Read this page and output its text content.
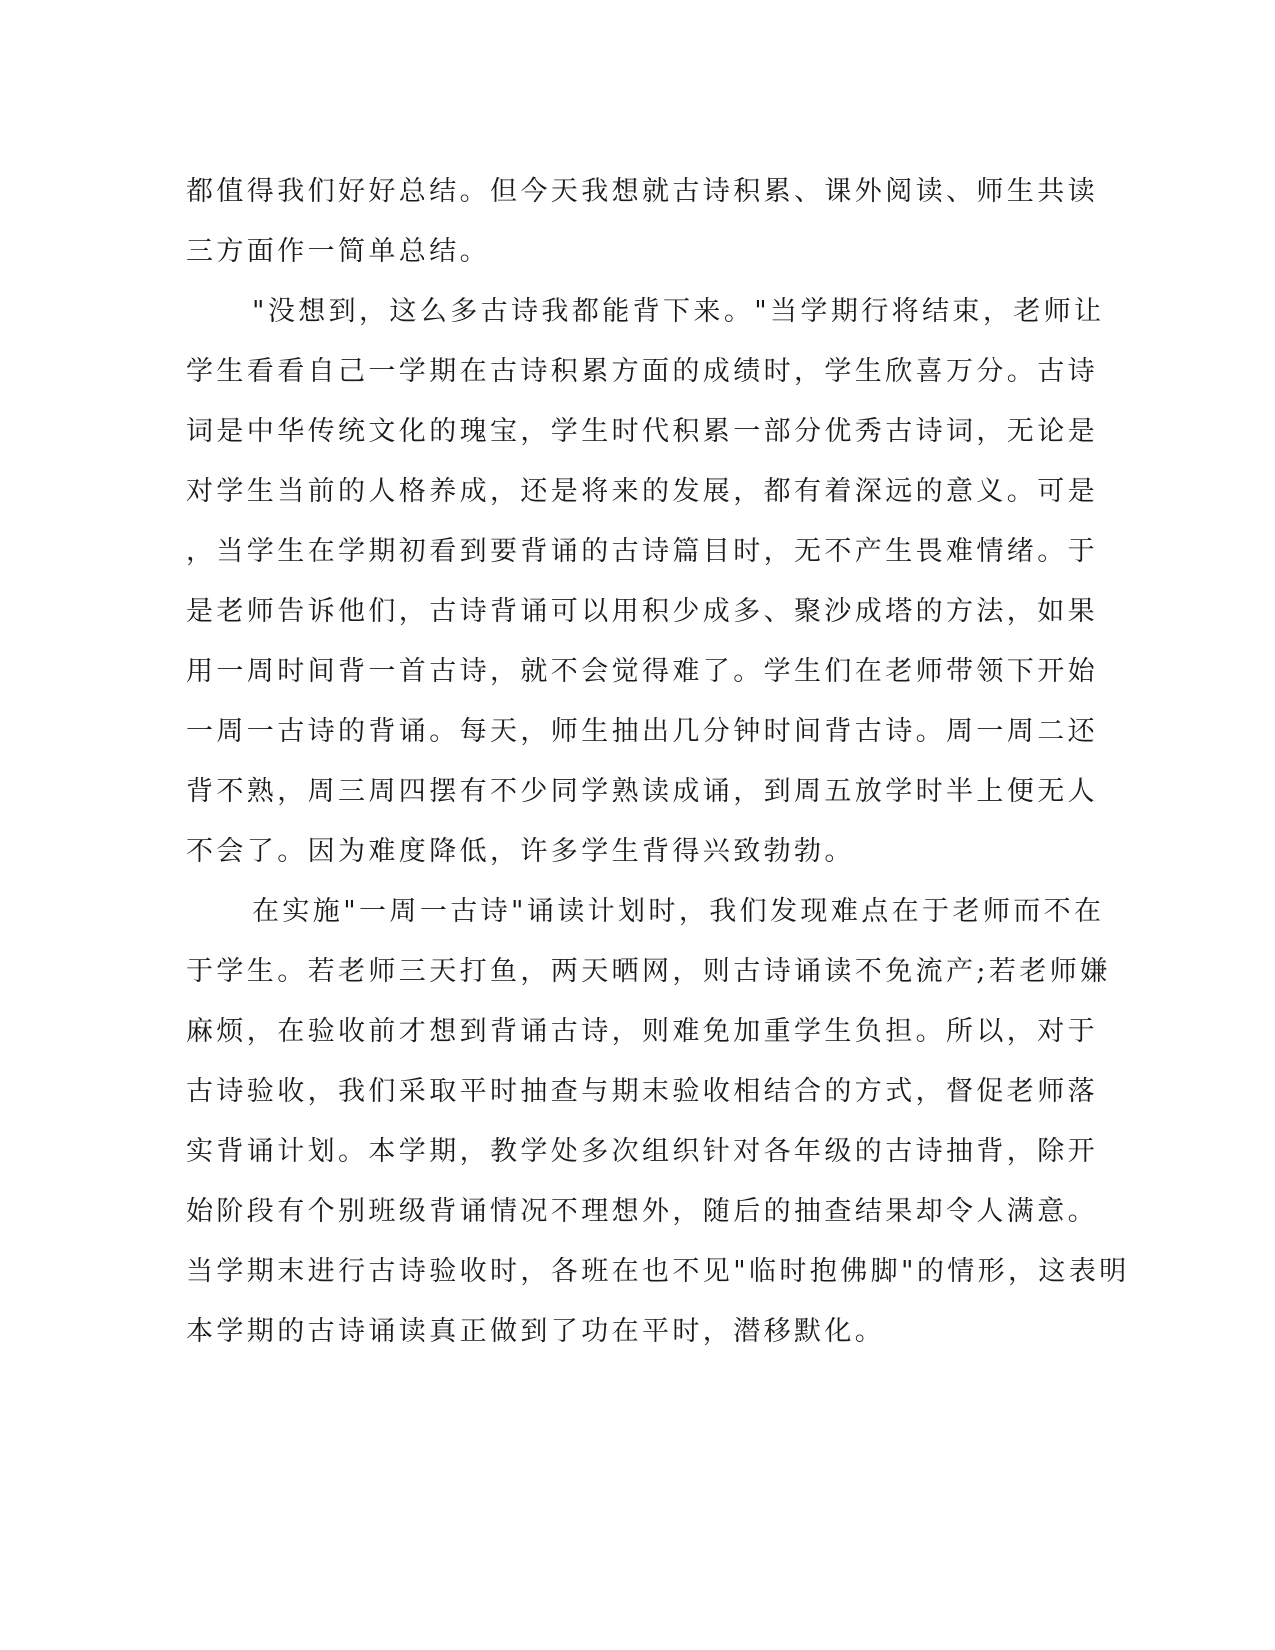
都值得我们好好总结。但今天我想就古诗积累、课外阅读、师生共读
三方面作一简单总结。
"没想到，这么多古诗我都能背下来。"当学期行将结束，老师让
学生看看自己一学期在古诗积累方面的成绩时，学生欣喜万分。古诗
词是中华传统文化的瑰宝，学生时代积累一部分优秀古诗词，无论是
对学生当前的人格养成，还是将来的发展，都有着深远的意义。可是
，当学生在学期初看到要背诵的古诗篇目时，无不产生畏难情绪。于
是老师告诉他们，古诗背诵可以用积少成多、聚沙成塔的方法，如果
用一周时间背一首古诗，就不会觉得难了。学生们在老师带领下开始
一周一古诗的背诵。每天，师生抽出几分钟时间背古诗。周一周二还
背不熟，周三周四摆有不少同学熟读成诵，到周五放学时半上便无人
不会了。因为难度降低，许多学生背得兴致勃勃。
在实施"一周一古诗"诵读计划时，我们发现难点在于老师而不在
于学生。若老师三天打鱼，两天晒网，则古诗诵读不免流产;若老师嫌
麻烦，在验收前才想到背诵古诗，则难免加重学生负担。所以，对于
古诗验收，我们采取平时抽查与期末验收相结合的方式，督促老师落
实背诵计划。本学期，教学处多次组织针对各年级的古诗抽背，除开
始阶段有个别班级背诵情况不理想外，随后的抽查结果却令人满意。
当学期末进行古诗验收时，各班在也不见"临时抱佛脚"的情形，这表明
本学期的古诗诵读真正做到了功在平时，潜移默化。
